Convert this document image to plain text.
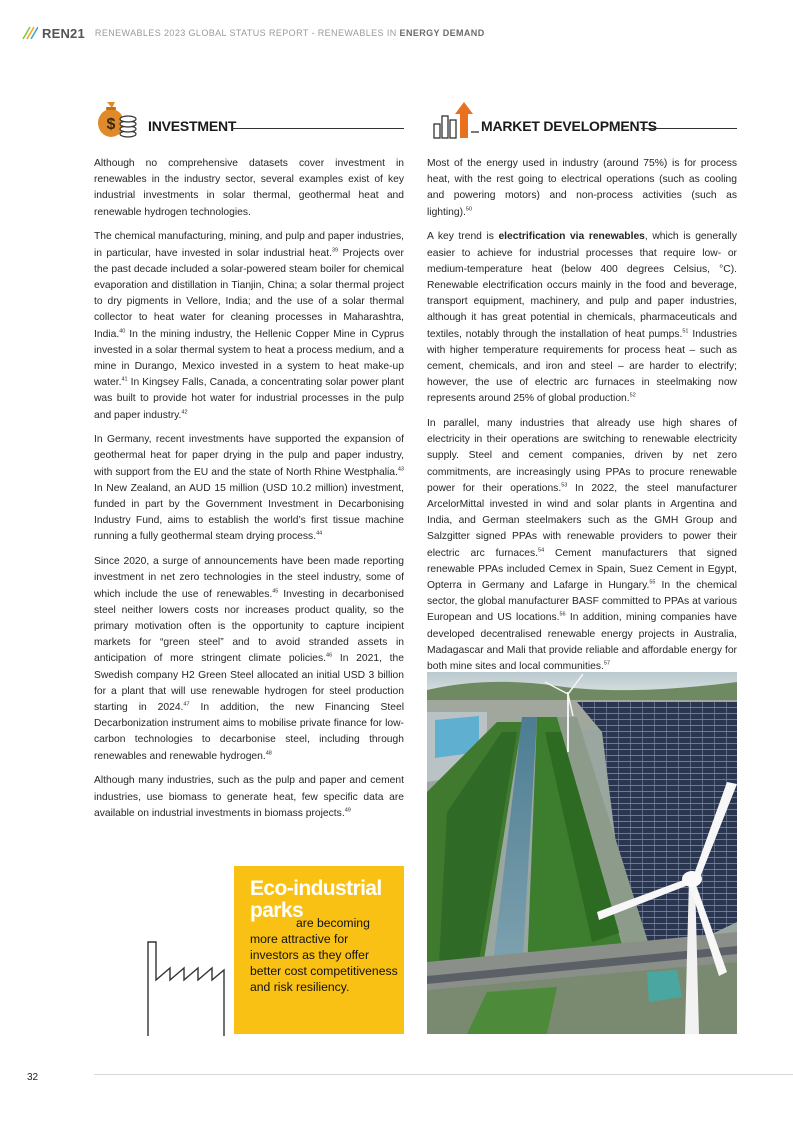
REN21 RENEWABLES 2023 GLOBAL STATUS REPORT - RENEWABLES IN ENERGY DEMAND
$ INVESTMENT	MARKET DEVELOPMENTS

Although no comprehensive datasets cover investment in renewables in the industry sector, several examples exist of key industrial investments in solar thermal, geothermal heat and renewable hydrogen technologies.

The chemical manufacturing, mining, and pulp and paper industries, in particular, have invested in solar industrial heat.$^{39}$ Projects over the past decade included a solar-powered steam boiler for chemical evaporation and distillation in Tianjin, China; a solar thermal project to dry pigments in Vellore, India; and the use of a solar thermal collector to heat water for cleaning processes in Maharashtra, India.$^{40}$ In the mining industry, the Hellenic Copper Mine in Cyprus invested in a solar thermal system to heat a process medium, and a mine in Durango, Mexico invested in a system to heat make-up water.$^{41}$ In Kingsey Falls, Canada, a concentrating solar power plant was built to provide hot water for industrial processes in the pulp and paper industry.$^{42}$

In Germany, recent investments have supported the expansion of geothermal heat for paper drying in the pulp and paper industry, with support from the EU and the state of North Rhine Westphalia.$^{43}$ In New Zealand, an AUD 15 million (USD 10.2 million) investment, funded in part by the Government Investment in Decarbonising Industry Fund, aims to establish the world’s first tissue machine running a fully geothermal steam drying process.$^{44}$

Since 2020, a surge of announcements have been made reporting investment in net zero technologies in the steel industry, some of which include the use of renewables.$^{45}$ Investing in decarbonised steel neither lowers costs nor increases product quality, so the primary motivation often is the opportunity to capture incipient markets for “green steel” and to avoid stranded assets in anticipation of more stringent climate policies.$^{46}$ In 2021, the Swedish company H2 Green Steel allocated an initial USD 3 billion for a plant that will use renewable hydrogen for steel production starting in 2024.47 In addition, the new Financing Steel Decarbonization instrument aims to mobilise private finance for low-carbon technologies to decarbonise steel, including through renewables and renewable hydrogen.$^{48}$

Although many industries, such as the pulp and paper and cement industries, use biomass to generate heat, few specific data are available on industrial investments in biomass projects.$^{49}$

Most of the energy used in industry (around 75%) is for process heat, with the rest going to electrical operations (such as cooling and powering motors) and non-process activities (such as lighting).$^{50}$

A key trend is electrification via renewables, which is generally easier to achieve for industrial processes that require low- or medium-temperature heat (below 400 degrees Celsius, °C). Renewable electrification occurs mainly in the food and beverage, transport equipment, machinery, and pulp and paper industries, although it has great potential in chemicals, pharmaceuticals and textiles, notably through the installation of heat pumps.$^{51}$ Industries with higher temperature requirements for process heat – such as cement, chemicals, and iron and steel – are harder to electrify; however, the use of electric arc furnaces in steelmaking now represents around 25% of global production.$^{52}$

In parallel, many industries that already use high shares of electricity in their operations are switching to renewable electricity supply. Steel and cement companies, driven by net zero commitments, are increasingly using PPAs to procure renewable power for their operations.$^{53}$ In 2022, the steel manufacturer ArcelorMittal invested in wind and solar plants in Argentina and India, and German steelmakers such as the GMH Group and Salzgitter signed PPAs with renewable providers to power their electric arc furnaces.$^{54}$ Cement manufacturers that signed renewable PPAs included Cemex in Spain, Suez Cement in Egypt, Opterra in Germany and Lafarge in Hungary.$^{55}$ In the chemical sector, the global manufacturer BASF committed to PPAs at various European and US locations.$^{56}$ In addition, mining companies have developed decentralised renewable energy projects in Australia, Madagascar and Mali that provide reliable and affordable energy for both mine sites and local communities.$^{57}$

Eco-industrial
parks
are becoming more attractive for investors as they offer better cost competitiveness and risk resiliency.
32
